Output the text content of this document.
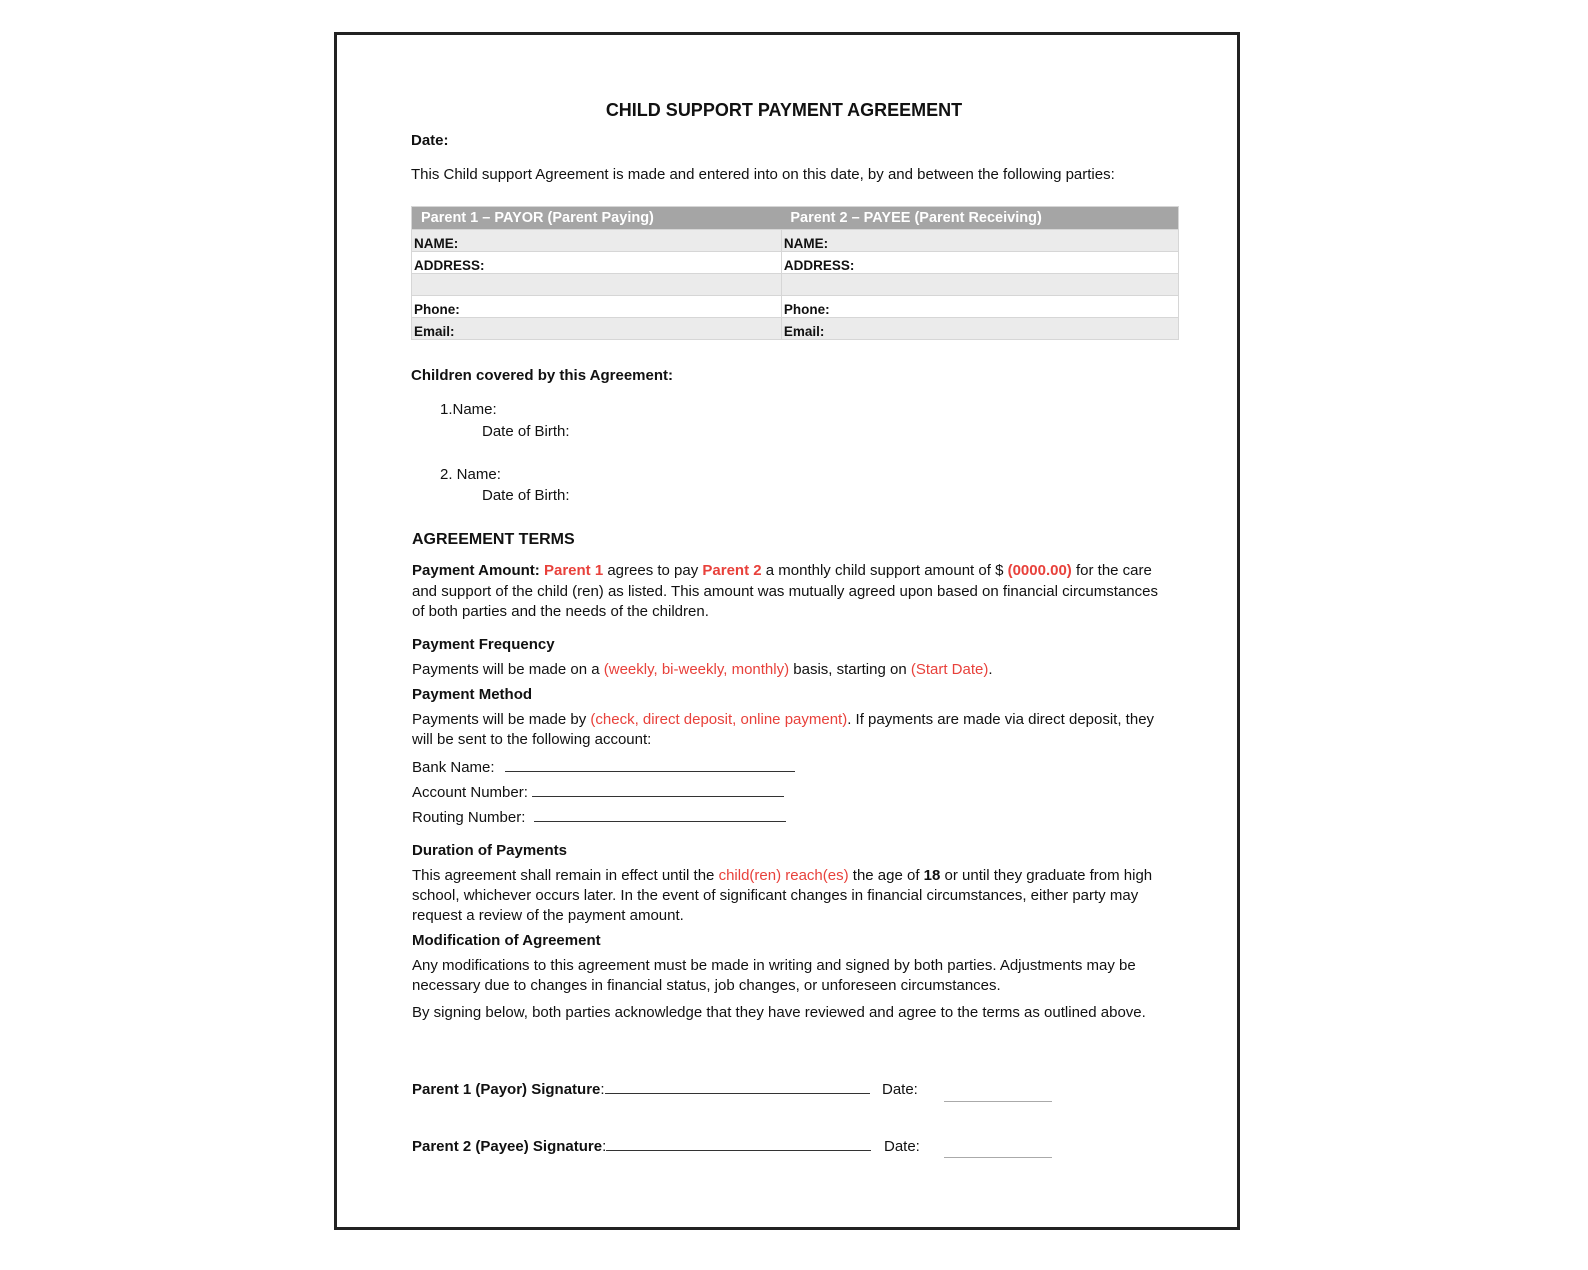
CHILD SUPPORT PAYMENT AGREEMENT
Date:
This Child support Agreement is made and entered into on this date, by and between the following parties:
Parent 1 – PAYOR (Parent Paying)	Parent 2 – PAYEE (Parent Receiving)
NAME:	NAME:
ADDRESS:	ADDRESS:

Phone:	Phone:
Email:	Email:
Children covered by this Agreement:
1.Name:
Date of Birth:
2. Name:
Date of Birth:
AGREEMENT TERMS
Payment Amount: Parent 1 agrees to pay Parent 2 a monthly child support amount of $ (0000.00) for the care and support of the child (ren) as listed. This amount was mutually agreed upon based on financial circumstances of both parties and the needs of the children.
Payment Frequency
Payments will be made on a (weekly, bi-weekly, monthly) basis, starting on (Start Date).
Payment Method
Payments will be made by (check, direct deposit, online payment). If payments are made via direct deposit, they will be sent to the following account:
Bank Name:
Account Number:
Routing Number:
Duration of Payments
This agreement shall remain in effect until the child(ren) reach(es) the age of 18 or until they graduate from high school, whichever occurs later. In the event of significant changes in financial circumstances, either party may request a review of the payment amount.
Modification of Agreement
Any modifications to this agreement must be made in writing and signed by both parties. Adjustments may be necessary due to changes in financial status, job changes, or unforeseen circumstances.
By signing below, both parties acknowledge that they have reviewed and agree to the terms as outlined above.
Parent 1 (Payor) Signature:	Date:
Parent 2 (Payee) Signature:	Date:
